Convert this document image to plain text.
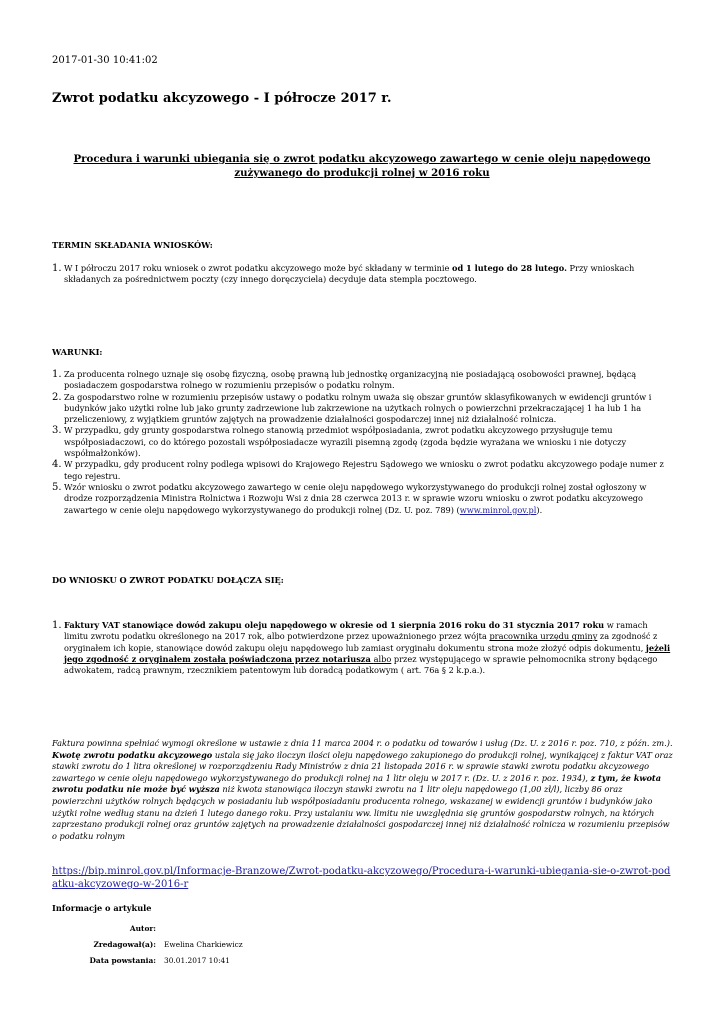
2017-01-30 10:41:02
Zwrot podatku akcyzowego - I półrocze 2017 r.
Procedura i warunki ubiegania się o zwrot podatku akcyzowego zawartego w cenie oleju napędowego zużywanego do produkcji rolnej w 2016 roku
TERMIN SKŁADANIA WNIOSKÓW:
1. W I półroczu 2017 roku wniosek o zwrot podatku akcyzowego może być składany w terminie od 1 lutego do 28 lutego. Przy wnioskach składanych za pośrednictwem poczty (czy innego doręczyciela) decyduje data stempla pocztowego.
WARUNKI:
1. Za producenta rolnego uznaje się osobę fizyczną, osobę prawną lub jednostkę organizacyjną nie posiadającą osobowości prawnej, będącą posiadaczem gospodarstwa rolnego w rozumieniu przepisów o podatku rolnym.
2. Za gospodarstwo rolne w rozumieniu przepisów ustawy o podatku rolnym uważa się obszar gruntów sklasyfikowanych w ewidencji gruntów i budynków jako użytki rolne lub jako grunty zadrzewione lub zakrzewione na użytkach rolnych o powierzchni przekraczającej 1 ha lub 1 ha przeliczeniowy, z wyjątkiem gruntów zajętych na prowadzenie działalności gospodarczej innej niż działalność rolnicza.
3. W przypadku, gdy grunty gospodarstwa rolnego stanowią przedmiot współposiadania, zwrot podatku akcyzowego przysługuje temu współposiadaczowi, co do którego pozostali współposiadacze wyrazili pisemną zgodę (zgoda będzie wyrażana we wniosku i nie dotyczy współmałżonków).
4. W przypadku, gdy producent rolny podlega wpisowi do Krajowego Rejestru Sądowego we wniosku o zwrot podatku akcyzowego podaje numer z tego rejestru.
5. Wzór wniosku o zwrot podatku akcyzowego zawartego w cenie oleju napędowego wykorzystywanego do produkcji rolnej został ogłoszony w drodze rozporządzenia Ministra Rolnictwa i Rozwoju Wsi z dnia 28 czerwca 2013 r. w sprawie wzoru wniosku o zwrot podatku akcyzowego zawartego w cenie oleju napędowego wykorzystywanego do produkcji rolnej (Dz. U. poz. 789) (www.minrol.gov.pl).
DO WNIOSKU O ZWROT PODATKU DOŁĄCZA SIĘ:
1. Faktury VAT stanowiące dowód zakupu oleju napędowego w okresie od 1 sierpnia 2016 roku do 31 stycznia 2017 roku w ramach limitu zwrotu podatku określonego na 2017 rok, albo potwierdzone przez upoważnionego przez wójta pracownika urzędu gminy za zgodność z oryginałem ich kopie, stanowiące dowód zakupu oleju napędowego lub zamiast oryginału dokumentu strona może złożyć odpis dokumentu, jeżeli jego zgodność z oryginałem została poświadczona przez notariusza albo przez występującego w sprawie pełnomocnika strony będącego adwokatem, radcą prawnym, rzecznikiem patentowym lub doradcą podatkowym ( art. 76a § 2 k.p.a.).
Faktura powinna spełniać wymogi określone w ustawie z dnia 11 marca 2004 r. o podatku od towarów i usług (Dz. U. z 2016 r. poz. 710, z późn. zm.).
Kwotę zwrotu podatku akcyzowego ustala się jako iloczyn ilości oleju napędowego zakupionego do produkcji rolnej, wynikającej z faktur VAT oraz stawki zwrotu do 1 litra określonej w rozporządzeniu Rady Ministrów z dnia 21 listopada 2016 r. w sprawie stawki zwrotu podatku akcyzowego zawartego w cenie oleju napędowego wykorzystywanego do produkcji rolnej na 1 litr oleju w 2017 r. (Dz. U. z 2016 r. poz. 1934), z tym, że kwota zwrotu podatku nie może być wyższa niż kwota stanowiąca iloczyn stawki zwrotu na 1 litr oleju napędowego (1,00 zł/l), liczby 86 oraz powierzchni użytków rolnych będących w posiadaniu lub współposiadaniu producenta rolnego, wskazanej w ewidencji gruntów i budynków jako użytki rolne według stanu na dzień 1 lutego danego roku. Przy ustalaniu ww. limitu nie uwzględnia się gruntów gospodarstw rolnych, na których zaprzestano produkcji rolnej oraz gruntów zajętych na prowadzenie działalności gospodarczej innej niż działalność rolnicza w rozumieniu przepisów o podatku rolnym
https://bip.minrol.gov.pl/Informacje-Branzowe/Zwrot-podatku-akcyzowego/Procedura-i-warunki-ubiegania-sie-o-zwrot-podatku-akcyzowego-w-2016-r
Informacje o artykule
Autor:	
Zredagował(a):	Ewelina Charkiewicz
Data powstania:	30.01.2017 10:41
